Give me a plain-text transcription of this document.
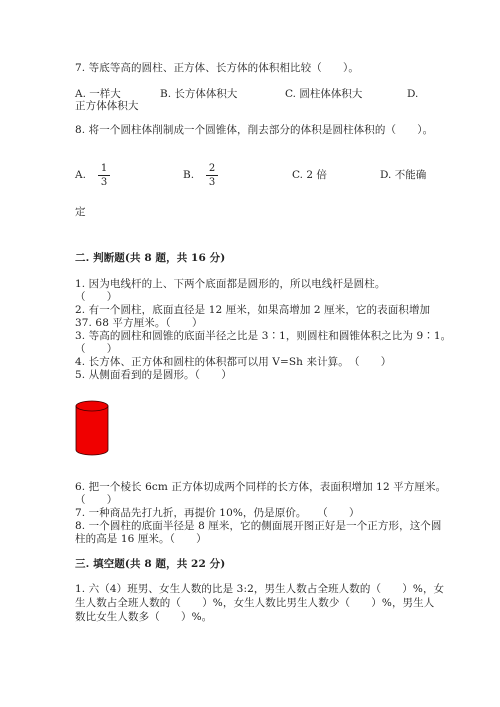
7. 等底等高的圆柱、正方体、长方体的体积相比较（　　）。
A. 一样大	B. 长方体体积大	C. 圆柱体体积大	D.
正方体体积大
8. 将一个圆柱体削制成一个圆锥体，削去部分的体积是圆柱体积的（　　）。
A.
1
3
B.
2
3
C. 2 倍	D. 不能确
定
二. 判断题(共 8 题，共 16 分)
1. 因为电线杆的上、下两个底面都是圆形的，所以电线杆是圆柱。
（　　）
2. 有一个圆柱，底面直径是 12 厘米，如果高增加 2 厘米，它的表面积增加
37. 68 平方厘米。（　　）
3. 等高的圆柱和圆锥的底面半径之比是 3∶1，则圆柱和圆锥体积之比为 9∶1。
（　　）
4. 长方体、正方体和圆柱的体积都可以用 V=Sh 来计算。　（　　）
5. 从侧面看到的是圆形。（　　）
6. 把一个棱长 6cm 正方体切成两个同样的长方体，表面积增加 12 平方厘米。
（　　）
7. 一种商品先打九折，再提价 10%，仍是原价。　　（　　）
8. 一个圆柱的底面半径是 8 厘米，它的侧面展开图正好是一个正方形，这个圆
柱的高是 16 厘米。（　　）
三. 填空题(共 8 题，共 22 分)
1. 六（4）班男、女生人数的比是 3:2，男生人数占全班人数的（　　）%，女
生人数占全班人数的（　　）%，女生人数比男生人数少（　　）%，男生人
数比女生人数多（　　）%。
